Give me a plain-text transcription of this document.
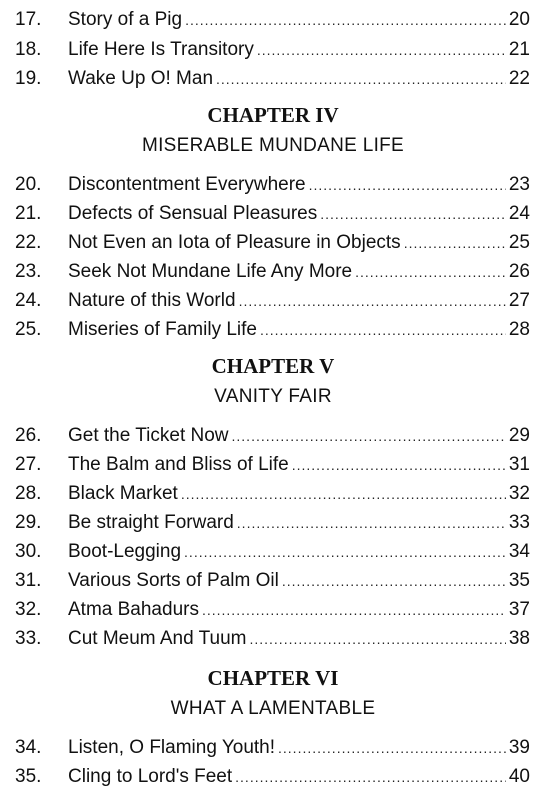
17.	Story of a Pig .....	20
18.	Life Here Is Transitory .....	21
19.	Wake Up O! Man .....	22
CHAPTER IV
MISERABLE MUNDANE LIFE
20.	Discontentment Everywhere .....	23
21.	Defects of Sensual Pleasures .....	24
22.	Not Even an Iota of Pleasure in Objects .....	25
23.	Seek Not Mundane Life Any More .....	26
24.	Nature of this World .....	27
25.	Miseries of Family Life .....	28
CHAPTER V
VANITY FAIR
26.	Get the Ticket Now .....	29
27.	The Balm and Bliss of Life .....	31
28.	Black Market .....	32
29.	Be straight Forward .....	33
30.	Boot-Legging .....	34
31.	Various Sorts of Palm Oil .....	35
32.	Atma Bahadurs .....	37
33.	Cut Meum And Tuum .....	38
CHAPTER VI
WHAT A LAMENTABLE
34.	Listen, O Flaming Youth! .....	39
35.	Cling to Lord's Feet .....	40
